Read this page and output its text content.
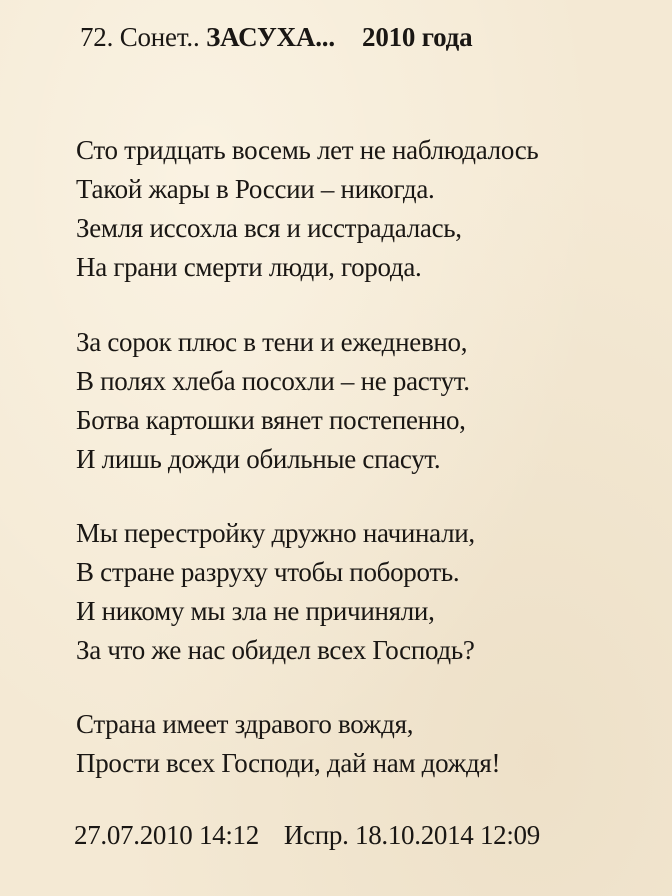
72. Сонет.. ЗАСУХА... 2010 года
Сто тридцать восемь лет не наблюдалось
Такой жары в России – никогда.
Земля иссохла вся и исстрадалась,
На грани смерти люди, города.
За сорок плюс в тени и ежедневно,
В полях хлеба посохли – не растут.
Ботва картошки вянет постепенно,
И лишь дожди обильные спасут.
Мы перестройку дружно начинали,
В стране разруху чтобы побороть.
И никому мы зла не причиняли,
За что же нас обидел всех Господь?
Страна имеет здравого вождя,
Прости всех Господи, дай нам дождя!
27.07.2010 14:12 Испр. 18.10.2014 12:09
